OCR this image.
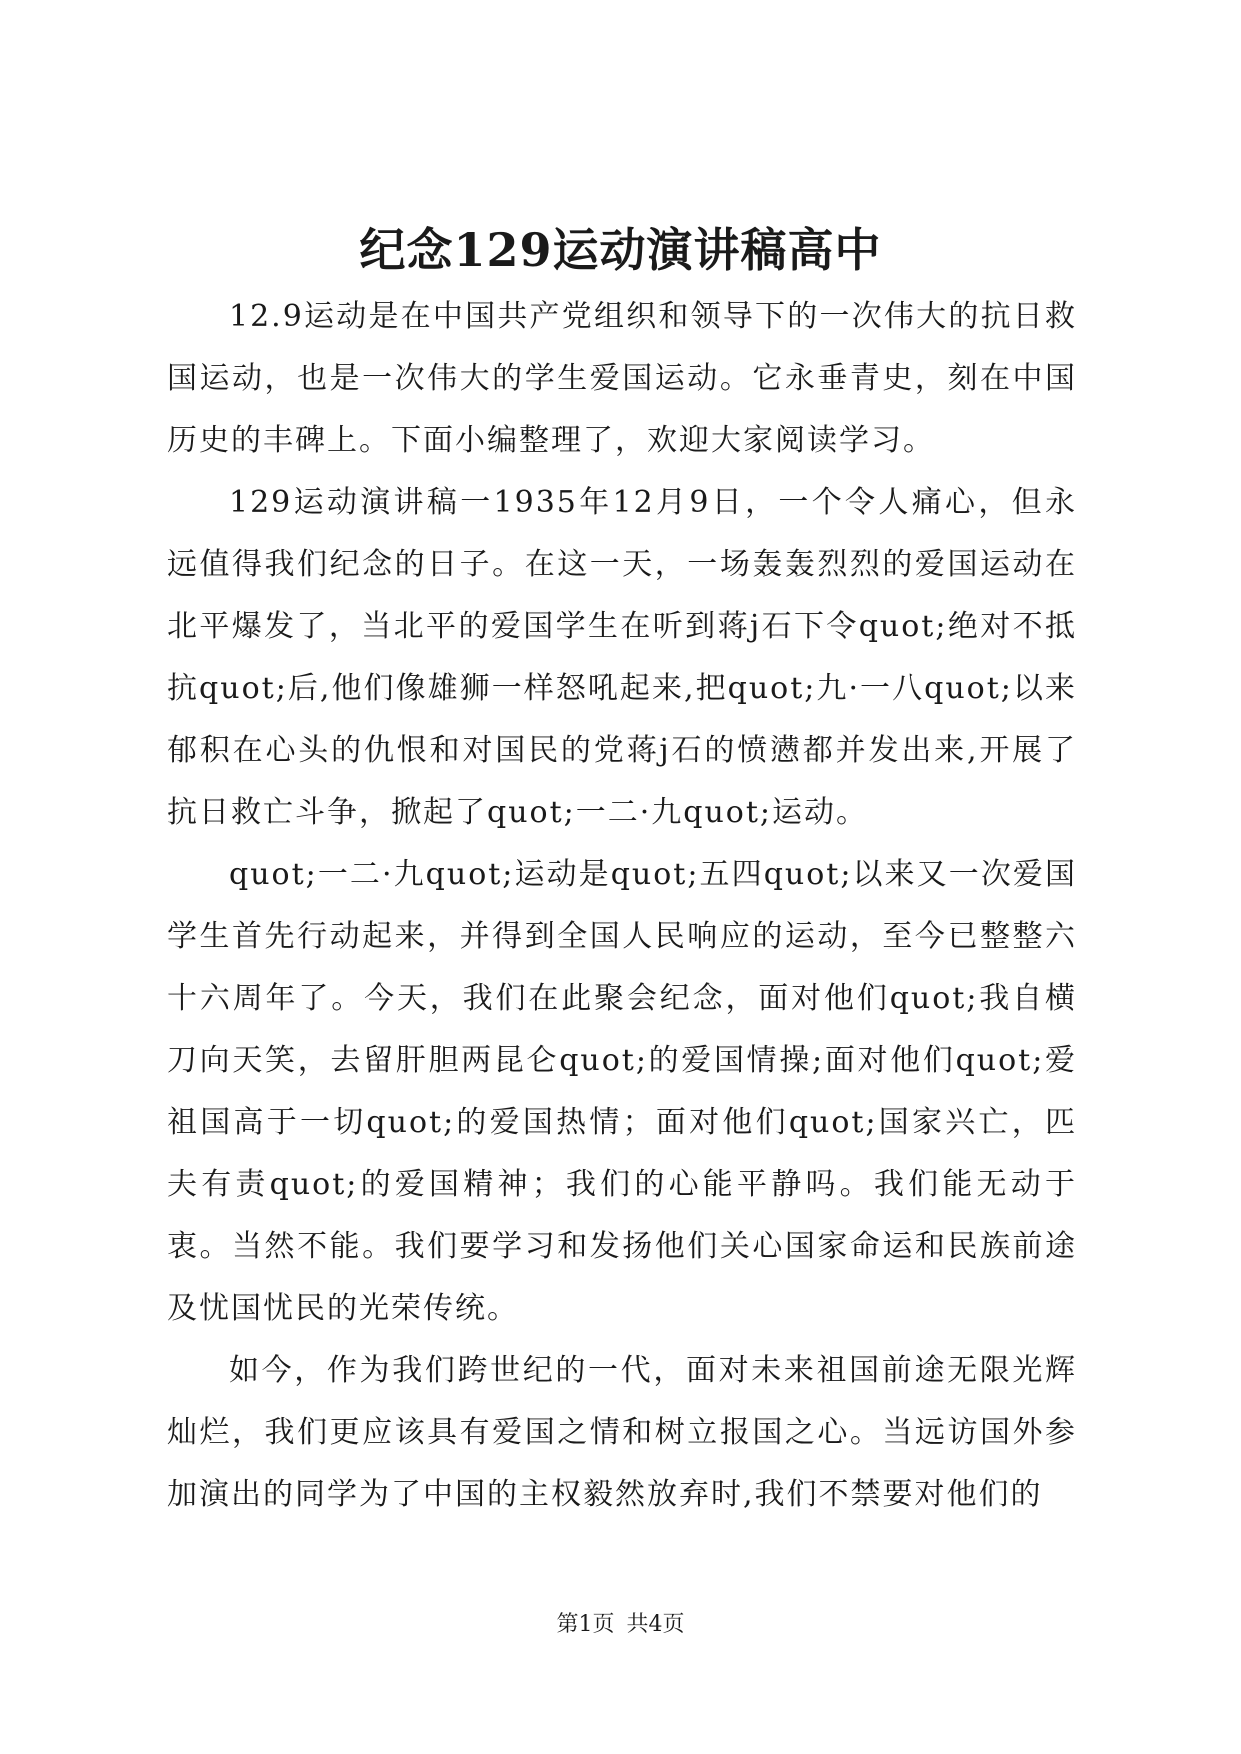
纪念129运动演讲稿高中

12.9运动是在中国共产党组织和领导下的一次伟大的抗日救国运动，也是一次伟大的学生爱国运动。它永垂青史，刻在中国历史的丰碑上。下面小编整理了，欢迎大家阅读学习。

129运动演讲稿一1935年12月9日，一个令人痛心，但永远值得我们纪念的日子。在这一天，一场轰轰烈烈的爱国运动在北平爆发了，当北平的爱国学生在听到蒋j石下令quot;绝对不抵抗quot;后,他们像雄狮一样怒吼起来,把quot;九·一八quot;以来郁积在心头的仇恨和对国民的党蒋j石的愤懑都并发出来,开展了抗日救亡斗争，掀起了quot;一二·九quot;运动。

quot;一二·九quot;运动是quot;五四quot;以来又一次爱国学生首先行动起来，并得到全国人民响应的运动，至今已整整六十六周年了。今天，我们在此聚会纪念，面对他们quot;我自横刀向天笑，去留肝胆两昆仑quot;的爱国情操;面对他们quot;爱祖国高于一切quot;的爱国热情；面对他们quot;国家兴亡，匹夫有责quot;的爱国精神；我们的心能平静吗。我们能无动于衷。当然不能。我们要学习和发扬他们关心国家命运和民族前途及忧国忧民的光荣传统。

如今，作为我们跨世纪的一代，面对未来祖国前途无限光辉灿烂，我们更应该具有爱国之情和树立报国之心。当远访国外参加演出的同学为了中国的主权毅然放弃时,我们不禁要对他们的

第1页 共4页
